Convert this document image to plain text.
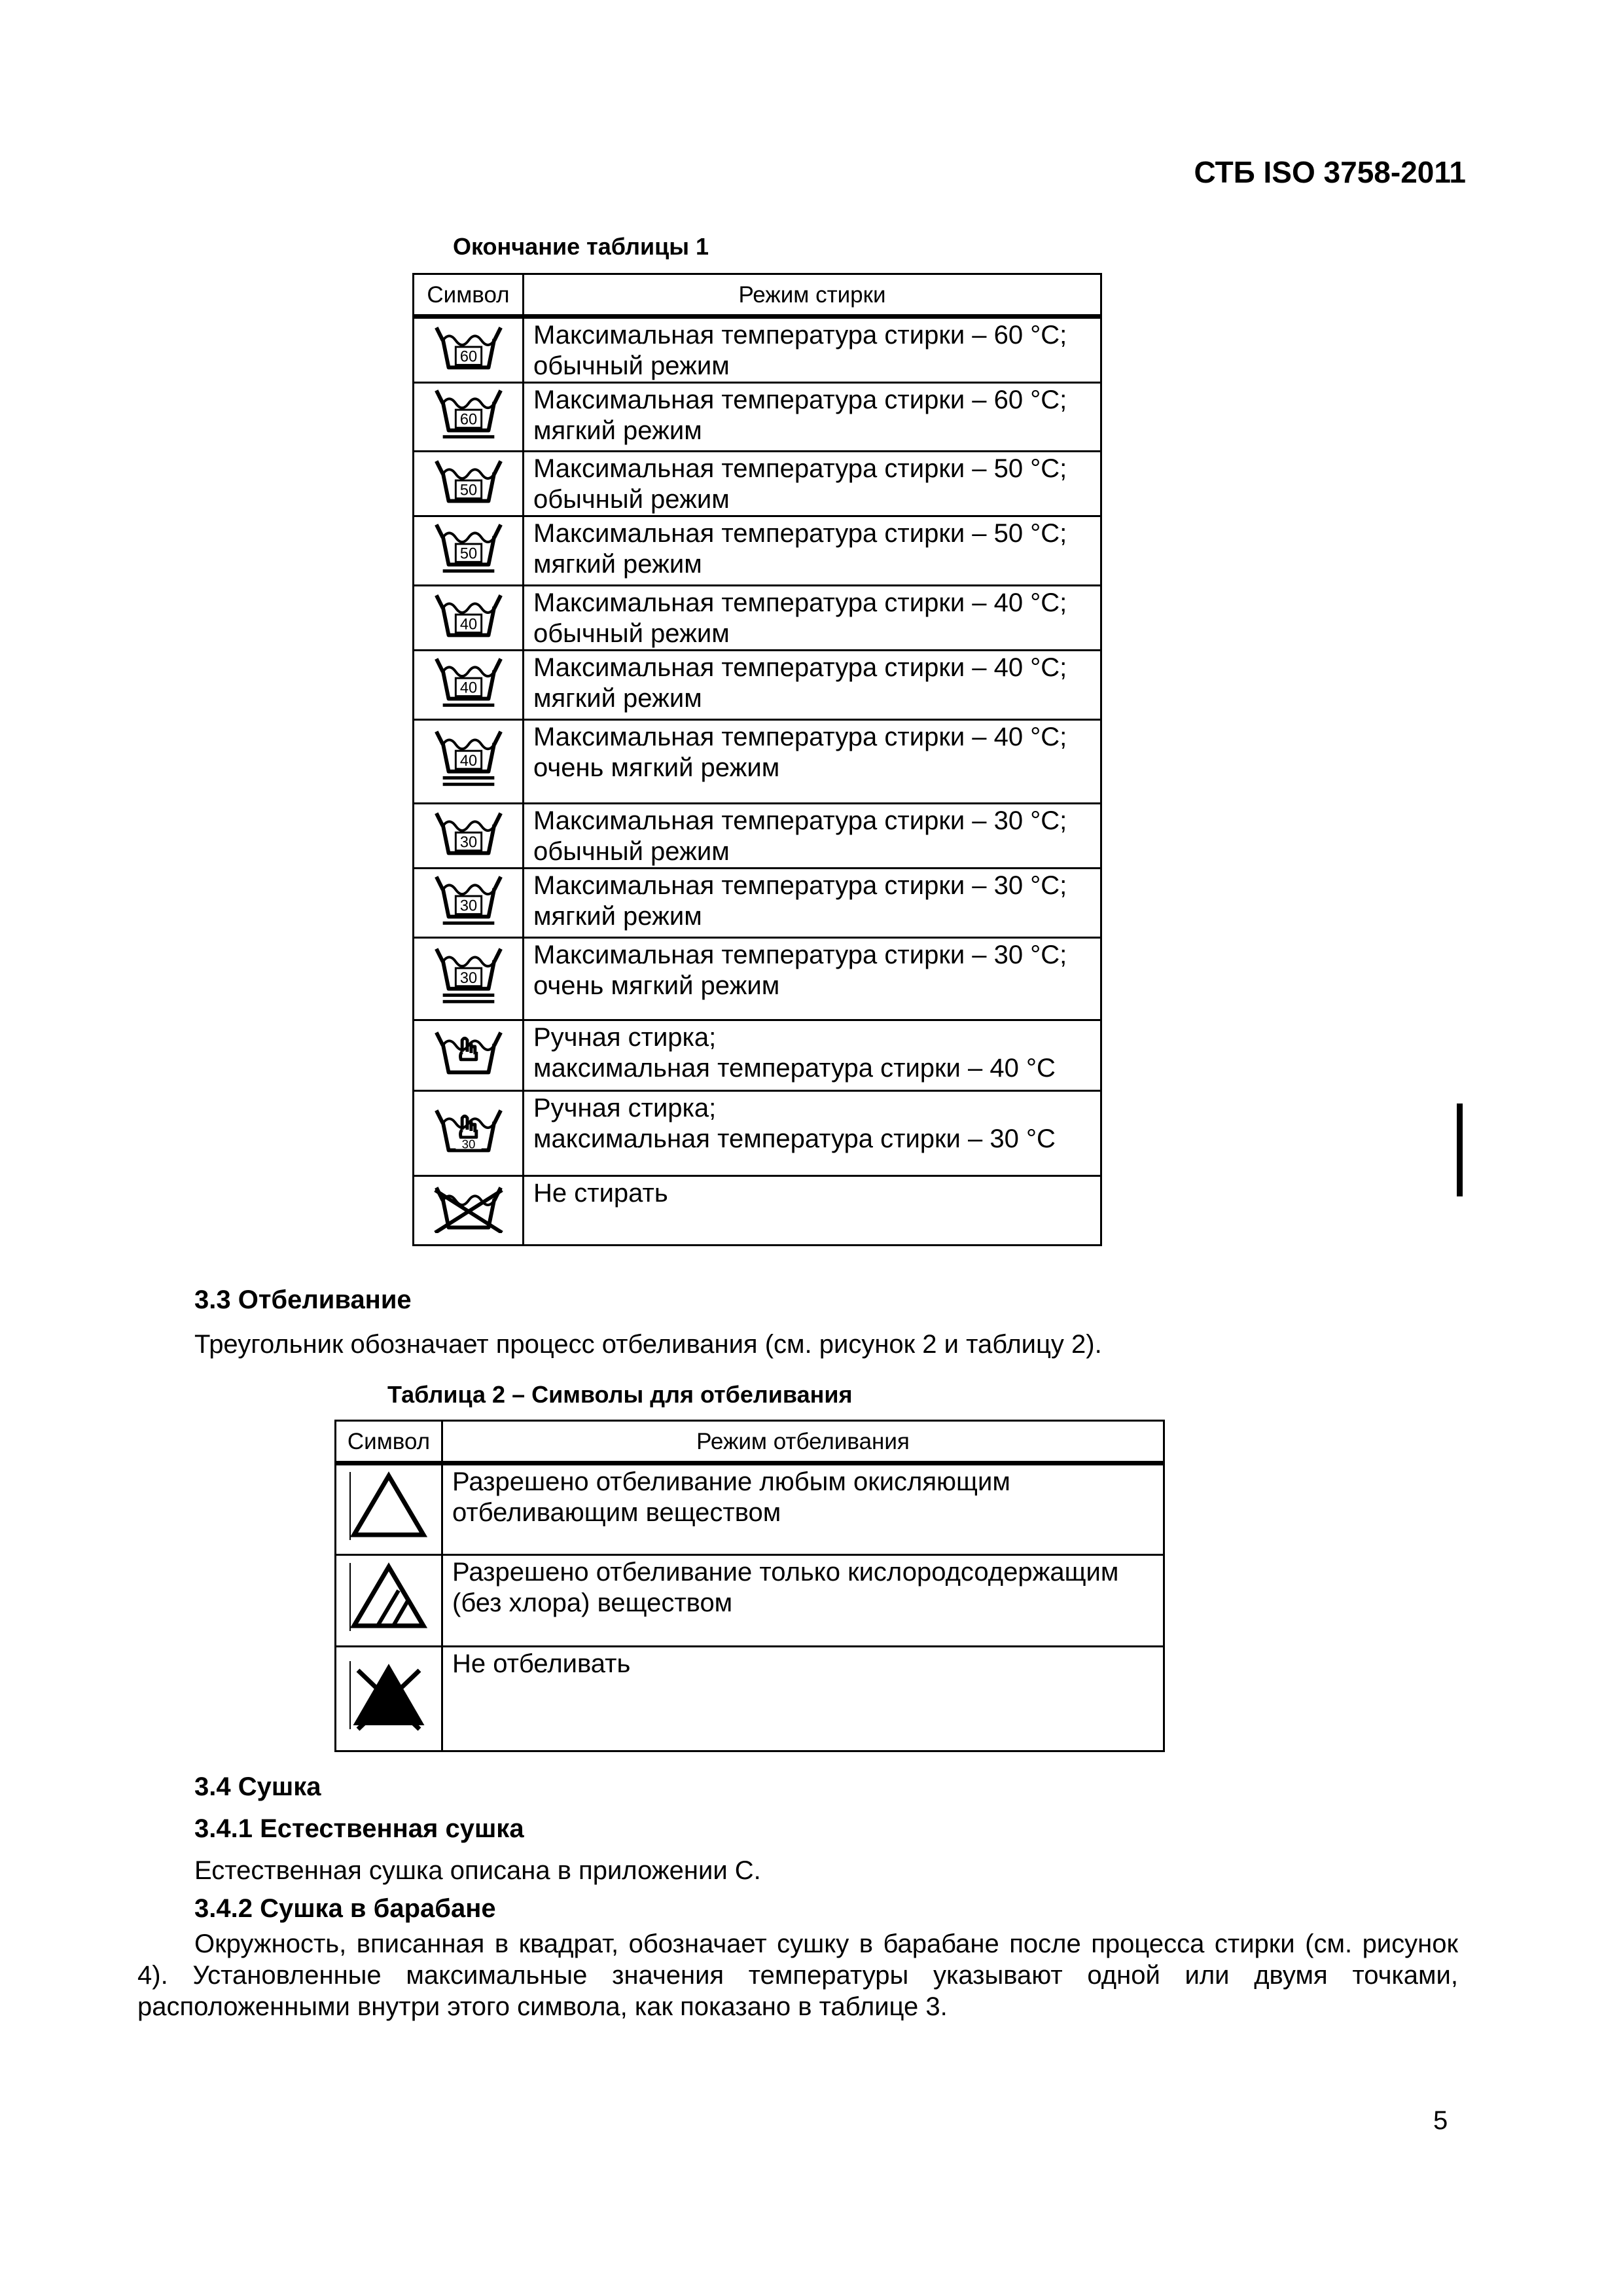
СТБ ISO 3758-2011
Окончание таблицы 1
Символ	Режим стирки

60	Максимальная температура стирки – 60 °C;
обычный режим

60	Максимальная температура стирки – 60 °C;
мягкий режим

50	Максимальная температура стирки – 50 °C;
обычный режим

50	Максимальная температура стирки – 50 °C;
мягкий режим

40	Максимальная температура стирки – 40 °C;
обычный режим

40	Максимальная температура стирки – 40 °C;
мягкий режим

40	Максимальная температура стирки – 40 °C;
очень мягкий режим

30	Максимальная температура стирки – 30 °C;
обычный режим

30	Максимальная температура стирки – 30 °C;
мягкий режим

30	Максимальная температура стирки – 30 °C;
очень мягкий режим

Ручная стирка;
максимальная температура стирки – 40 °C

30	Ручная стирка;
максимальная температура стирки – 30 °C

Не стирать
3.3 Отбеливание
Треугольник обозначает процесс отбеливания (см. рисунок 2 и таблицу 2).
Таблица 2 – Символы для отбеливания
Символ	Режим отбеливания

Разрешено отбеливание любым окисляющим
отбеливающим веществом

Разрешено отбеливание только кислородсодержащим
(без хлора) веществом

Не отбеливать
3.4 Сушка
3.4.1 Естественная сушка
Естественная сушка описана в приложении С.
3.4.2 Сушка в барабане
Окружность, вписанная в квадрат, обозначает сушку в барабане после процесса стирки (см. рисунок 4). Установленные максимальные значения температуры указывают одной или двумя точками, расположенными внутри этого символа, как показано в таблице 3.
5
